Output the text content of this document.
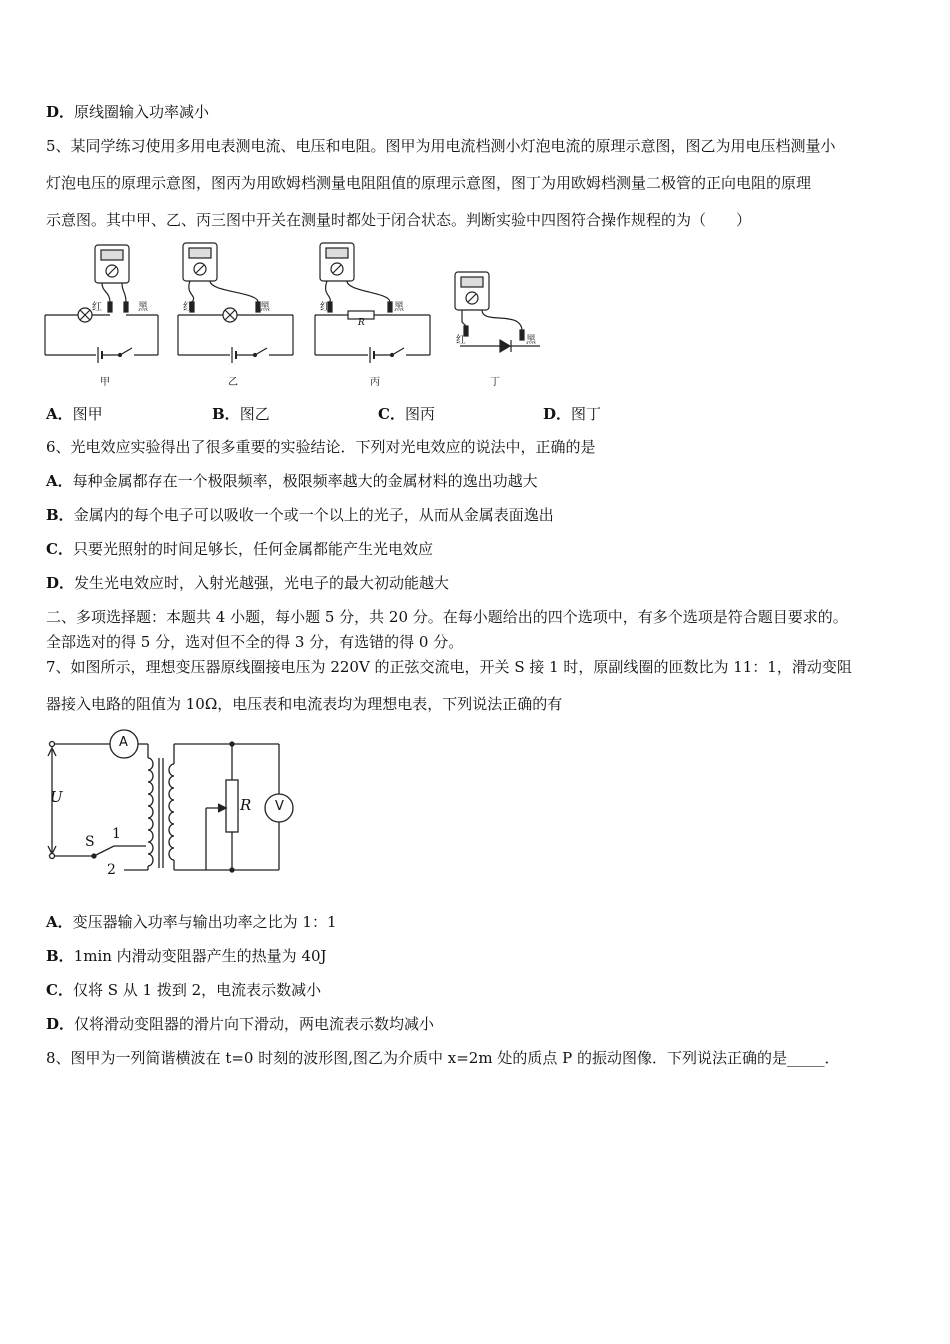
D．原线圈输入功率减小
5、某同学练习使用多用电表测电流、电压和电阻。图甲为用电流档测小灯泡电流的原理示意图，图乙为用电压档测量小
灯泡电压的原理示意图，图丙为用欧姆档测量电阻阻值的原理示意图，图丁为用欧姆档测量二极管的正向电阻的原理
示意图。其中甲、乙、丙三图中开关在测量时都处于闭合状态。判断实验中四图符合操作规程的为（　　）
红	黑
甲
红	黑
乙
红	黑
R
丙
红	黑
丁
A．图甲	B．图乙	C．图丙	D．图丁
6、光电效应实验得出了很多重要的实验结论．下列对光电效应的说法中，正确的是
A．每种金属都存在一个极限频率，极限频率越大的金属材料的逸出功越大
B．金属内的每个电子可以吸收一个或一个以上的光子，从而从金属表面逸出
C．只要光照射的时间足够长，任何金属都能产生光电效应
D．发生光电效应时，入射光越强，光电子的最大初动能越大
二、多项选择题：本题共 4 小题，每小题 5 分，共 20 分。在每小题给出的四个选项中，有多个选项是符合题目要求的。
全部选对的得 5 分，选对但不全的得 3 分，有选错的得 0 分。
7、如图所示，理想变压器原线圈接电压为 220V 的正弦交流电，开关 S 接 1 时，原副线圈的匝数比为 11：1，滑动变阻
器接入电路的阻值为 10Ω，电压表和电流表均为理想电表，下列说法正确的有
A
V
U
S 1
2
R
A．变压器输入功率与输出功率之比为 1：1
B．1min 内滑动变阻器产生的热量为 40J
C．仅将 S 从 1 拨到 2，电流表示数减小
D．仅将滑动变阻器的滑片向下滑动，两电流表示数均减小
8、图甲为一列简谐横波在 t=0 时刻的波形图,图乙为介质中 x=2m 处的质点 P 的振动图像．下列说法正确的是_____．
